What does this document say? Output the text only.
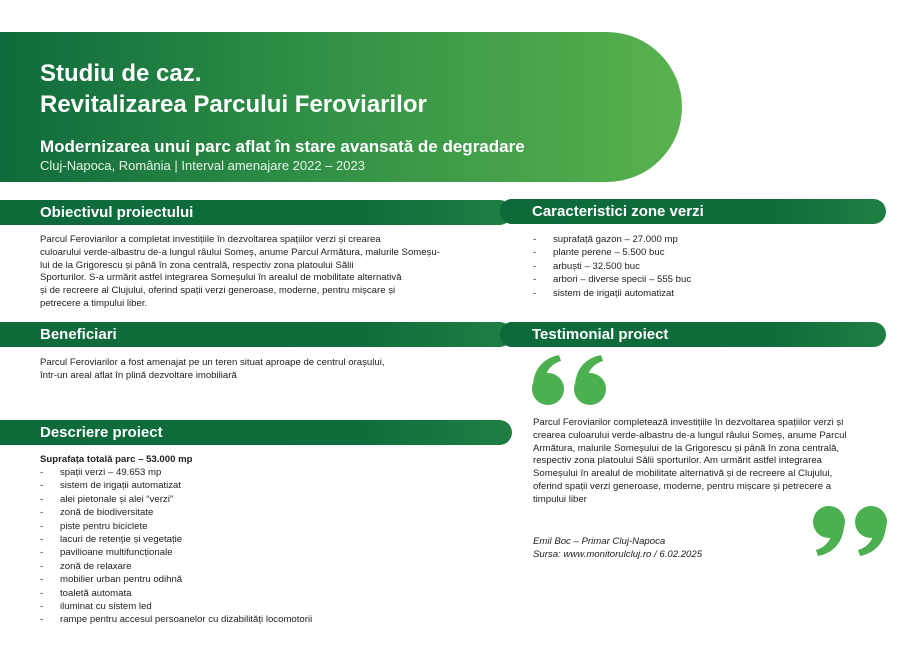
Studiu de caz.
Revitalizarea Parcului Feroviarilor
Modernizarea unui parc aflat în stare avansată de degradare
Cluj-Napoca, România | Interval amenajare 2022 – 2023
Obiectivul proiectului
Parcul Feroviarilor a completat investițiile în dezvoltarea spațiilor verzi și crearea
culoarului verde-albastru de-a lungul râului Someș, anume Parcul Armătura, malurile Someșu-
lui de la Grigorescu și până în zona centrală, respectiv zona platoului Sălii
Sporturilor. S-a urmărit astfel integrarea Someșului în arealul de mobilitate alternativă
și de recreere al Clujului, oferind spații verzi generoase, moderne, pentru mișcare și
petrecere a timpului liber.
Caracteristici zone verzi
- suprafață gazon – 27.000 mp
- plante perene – 5.500 buc
- arbuști – 32.500 buc
- arbori – diverse specii – 555 buc
- sistem de irigații automatizat
Beneficiari
Parcul Feroviarilor a fost amenajat pe un teren situat aproape de centrul orașului,
într-un areal aflat în plină dezvoltare imobiliară
Testimonial proiect
Parcul Feroviarilor completează investițiile în dezvoltarea spațiilor verzi și
crearea culoarului verde-albastru de-a lungul râului Someș, anume Parcul
Armătura, malurile Someșului de la Grigorescu și până în zona centrală,
respectiv zona platoului Sălii sporturilor. Am urmărit astfel integrarea
Someșului în arealul de mobilitate alternativă și de recreere al Clujului,
oferind spații verzi generoase, moderne, pentru mișcare și petrecere a
timpului liber
Emil Boc – Primar Cluj-Napoca
Sursa: www.monitorulcluj.ro / 6.02.2025
Descriere proiect
Suprafața totală parc – 53.000 mp
- spații verzi – 49.653 mp
- sistem de irigații automatizat
- alei pietonale și alei “verzi”
- zonă de biodiversitate
- piste pentru biciclete
- lacuri de retenție și vegetație
- pavilioane multifuncționale
- zonă de relaxare
- mobilier urban pentru odihnă
- toaletă automata
- iluminat cu sistem led
- rampe pentru accesul persoanelor cu dizabilități locomotorii
